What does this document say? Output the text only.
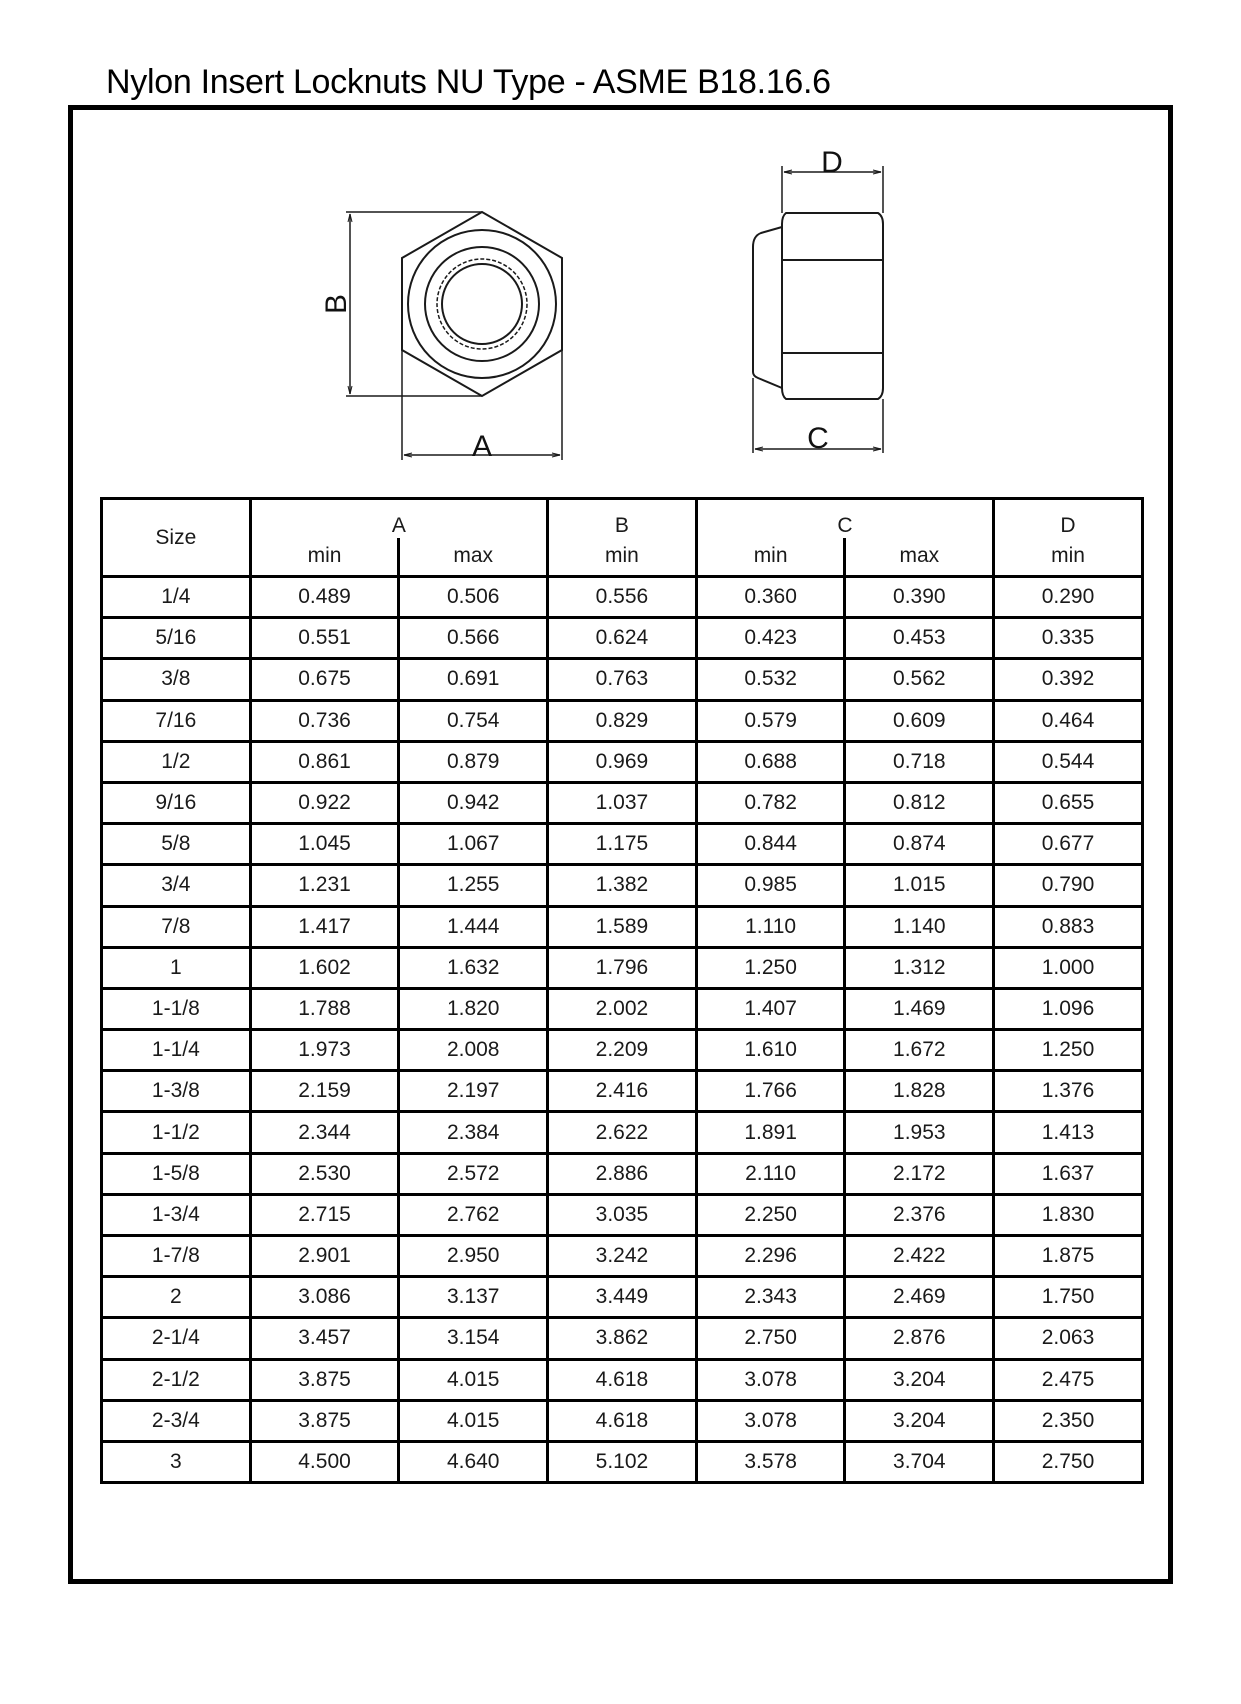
Nylon Insert Locknuts NU Type - ASME B18.16.6
B
A
D
C
Size	A		B	C		D
	min	max	min	min	max	min
1/4	0.489	0.506	0.556	0.360	0.390	0.290
5/16	0.551	0.566	0.624	0.423	0.453	0.335
3/8	0.675	0.691	0.763	0.532	0.562	0.392
7/16	0.736	0.754	0.829	0.579	0.609	0.464
1/2	0.861	0.879	0.969	0.688	0.718	0.544
9/16	0.922	0.942	1.037	0.782	0.812	0.655
5/8	1.045	1.067	1.175	0.844	0.874	0.677
3/4	1.231	1.255	1.382	0.985	1.015	0.790
7/8	1.417	1.444	1.589	1.110	1.140	0.883
1	1.602	1.632	1.796	1.250	1.312	1.000
1-1/8	1.788	1.820	2.002	1.407	1.469	1.096
1-1/4	1.973	2.008	2.209	1.610	1.672	1.250
1-3/8	2.159	2.197	2.416	1.766	1.828	1.376
1-1/2	2.344	2.384	2.622	1.891	1.953	1.413
1-5/8	2.530	2.572	2.886	2.110	2.172	1.637
1-3/4	2.715	2.762	3.035	2.250	2.376	1.830
1-7/8	2.901	2.950	3.242	2.296	2.422	1.875
2	3.086	3.137	3.449	2.343	2.469	1.750
2-1/4	3.457	3.154	3.862	2.750	2.876	2.063
2-1/2	3.875	4.015	4.618	3.078	3.204	2.475
2-3/4	3.875	4.015	4.618	3.078	3.204	2.350
3	4.500	4.640	5.102	3.578	3.704	2.750
